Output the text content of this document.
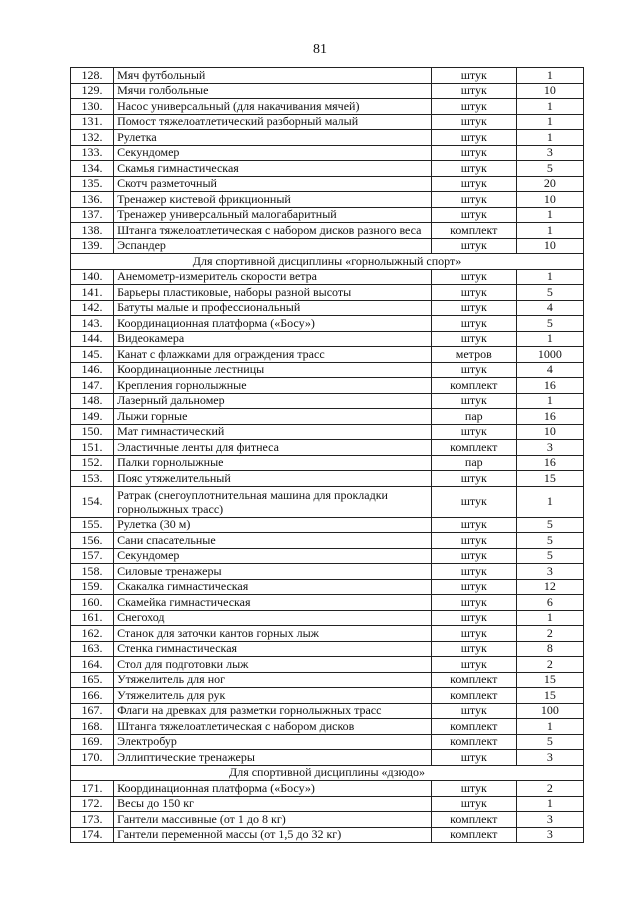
81
128.	Мяч футбольный	штук	1
129.	Мячи голбольные	штук	10
130.	Насос универсальный (для накачивания мячей)	штук	1
131.	Помост тяжелоатлетический разборный малый	штук	1
132.	Рулетка	штук	1
133.	Секундомер	штук	3
134.	Скамья гимнастическая	штук	5
135.	Скотч разметочный	штук	20
136.	Тренажер кистевой фрикционный	штук	10
137.	Тренажер универсальный малогабаритный	штук	1
138.	Штанга тяжелоатлетическая с набором дисков разного веса	комплект	1
139.	Эспандер	штук	10
Для спортивной дисциплины «горнолыжный спорт»			
140.	Анемометр-измеритель скорости ветра	штук	1
141.	Барьеры пластиковые, наборы разной высоты	штук	5
142.	Батуты малые и профессиональный	штук	4
143.	Координационная платформа («Босу»)	штук	5
144.	Видеокамера	штук	1
145.	Канат с флажками для ограждения трасс	метров	1000
146.	Координационные лестницы	штук	4
147.	Крепления горнолыжные	комплект	16
148.	Лазерный дальномер	штук	1
149.	Лыжи горные	пар	16
150.	Мат гимнастический	штук	10
151.	Эластичные ленты для фитнеса	комплект	3
152.	Палки горнолыжные	пар	16
153.	Пояс утяжелительный	штук	15
154.	Ратрак (снегоуплотнительная машина для прокладки горнолыжных трасс)	штук	1
155.	Рулетка (30 м)	штук	5
156.	Сани спасательные	штук	5
157.	Секундомер	штук	5
158.	Силовые тренажеры	штук	3
159.	Скакалка гимнастическая	штук	12
160.	Скамейка гимнастическая	штук	6
161.	Снегоход	штук	1
162.	Станок для заточки кантов горных лыж	штук	2
163.	Стенка гимнастическая	штук	8
164.	Стол для подготовки лыж	штук	2
165.	Утяжелитель для ног	комплект	15
166.	Утяжелитель для рук	комплект	15
167.	Флаги на древках для разметки горнолыжных трасс	штук	100
168.	Штанга тяжелоатлетическая с набором дисков	комплект	1
169.	Электробур	комплект	5
170.	Эллиптические тренажеры	штук	3
Для спортивной дисциплины «дзюдо»			
171.	Координационная платформа («Босу»)	штук	2
172.	Весы до 150 кг	штук	1
173.	Гантели массивные (от 1 до 8 кг)	комплект	3
174.	Гантели переменной массы (от 1,5 до 32 кг)	комплект	3
